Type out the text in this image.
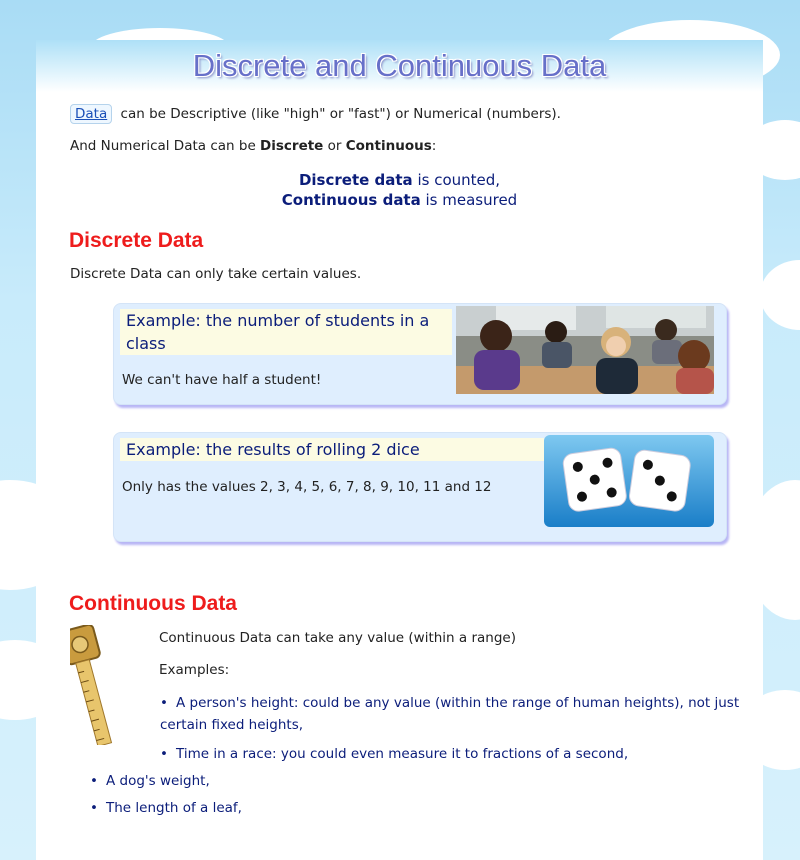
Discrete and Continuous Data

Data can be Descriptive (like "high" or "fast") or Numerical (numbers).

And Numerical Data can be Discrete or Continuous:

Discrete data is counted,
Continuous data is measured
Discrete Data

Discrete Data can only take certain values.

Example: the number of students in a
class
We can't have half a student!
Example: the results of rolling 2 dice
Only has the values 2, 3, 4, 5, 6, 7, 8, 9, 10, 11 and 12
Continuous Data

Continuous Data can take any value (within a range)

Examples:

• A person's height: could be any value (within the range of human heights), not just

certain fixed heights,

• Time in a race: you could even measure it to fractions of a second,
• A dog's weight,
• The length of a leaf,
